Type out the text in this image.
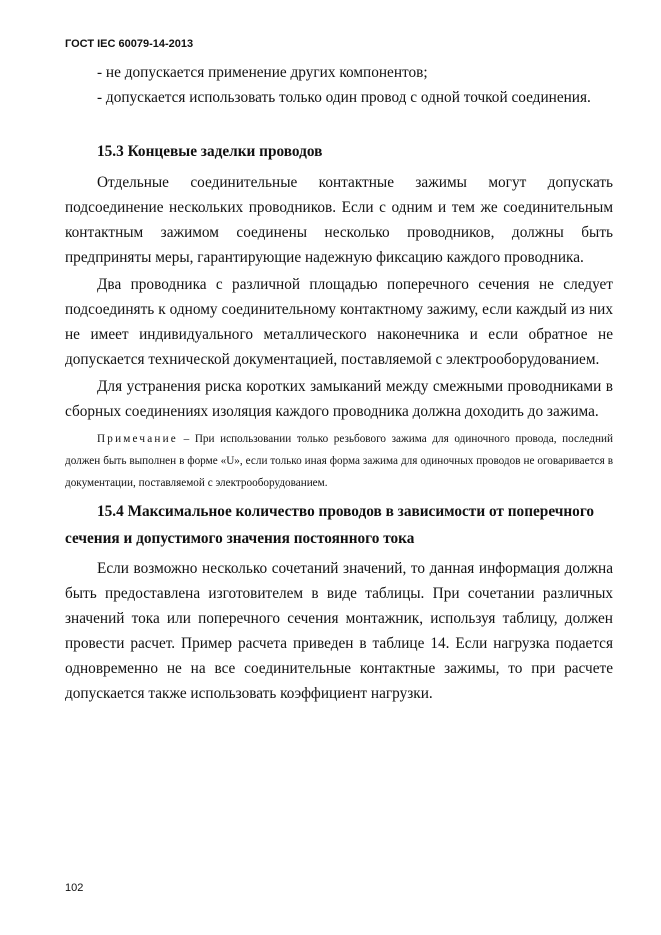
ГОСТ IEC 60079-14-2013

- не допускается применение других компонентов;

- допускается использовать только один провод с одной точкой соединения.

15.3 Концевые заделки проводов

Отдельные соединительные контактные зажимы могут допускать подсоединение нескольких проводников. Если с одним и тем же соединительным контактным зажимом соединены несколько проводников, должны быть предприняты меры, гарантирующие надежную фиксацию каждого проводника.

Два проводника с различной площадью поперечного сечения не следует подсоединять к одному соединительному контактному зажиму, если каждый из них не имеет индивидуального металлического наконечника и если обратное не допускается технической документацией, поставляемой с электрооборудованием.

Для устранения риска коротких замыканий между смежными проводниками в сборных соединениях изоляция каждого проводника должна доходить до зажима.

Примечание – При использовании только резьбового зажима для одиночного провода, последний должен быть выполнен в форме «U», если только иная форма зажима для одиночных проводов не оговаривается в документации, поставляемой с электрооборудованием.

15.4 Максимальное количество проводов в зависимости от поперечного сечения и допустимого значения постоянного тока

Если возможно несколько сочетаний значений, то данная информация должна быть предоставлена изготовителем в виде таблицы. При сочетании различных значений тока или поперечного сечения монтажник, используя таблицу, должен провести расчет. Пример расчета приведен в таблице 14. Если нагрузка подается одновременно не на все соединительные контактные зажимы, то при расчете допускается также использовать коэффициент нагрузки.

102
